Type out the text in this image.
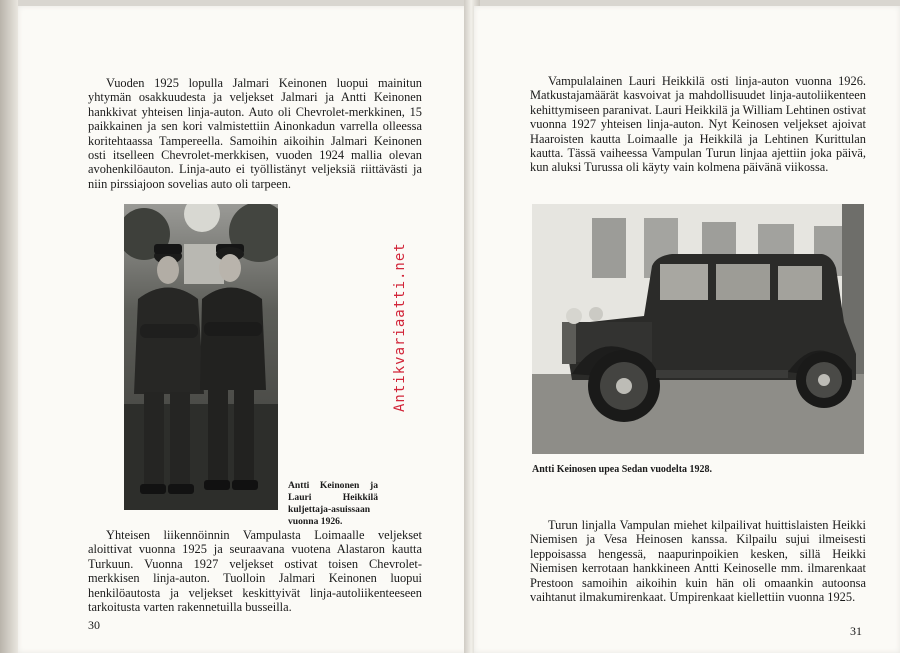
Vuoden 1925 lopulla Jalmari Keinonen luopui mainitun yhtymän osakkuudesta ja veljekset Jalmari ja Antti Keinonen hankkivat yhteisen linja-auton. Auto oli Chevrolet-merkkinen, 15 paikkainen ja sen kori valmistettiin Ainonkadun varrella olleessa koritehtaassa Tampereella. Samoihin aikoihin Jalmari Keinonen osti itselleen Chevrolet-merkkisen, vuoden 1924 mallia olevan avohenkilöauton. Linja-auto ei työllistänyt veljeksiä riittävästi ja niin pirssiajoon sovelias auto oli tarpeen.

Antti Keinonen ja Lauri Heikkilä kuljettaja-asuissaan vuonna 1926.

Yhteisen liikennöinnin Vampulasta Loimaalle veljekset aloittivat vuonna 1925 ja seuraavana vuotena Alastaron kautta Turkuun. Vuonna 1927 veljekset ostivat toisen Chevrolet-merkkisen linja-auton. Tuolloin Jalmari Keinonen luopui henkilöautosta ja veljekset keskittyivät linja-autoliikenteeseen tarkoitusta varten rakennetuilla busseilla.

30

Vampulalainen Lauri Heikkilä osti linja-auton vuonna 1926. Matkustajamäärät kasvoivat ja mahdollisuudet linja-autoliikenteen kehittymiseen paranivat. Lauri Heikkilä ja William Lehtinen ostivat vuonna 1927 yhteisen linja-auton. Nyt Keinosen veljekset ajoivat Haaroisten kautta Loimaalle ja Heikkilä ja Lehtinen Kurittulan kautta. Tässä vaiheessa Vampulan Turun linjaa ajettiin joka päivä, kun aluksi Turussa oli käyty vain kolmena päivänä viikossa.

Antti Keinosen upea Sedan vuodelta 1928.

Turun linjalla Vampulan miehet kilpailivat huittislaisten Heikki Niemisen ja Vesa Heinosen kanssa. Kilpailu sujui ilmeisesti leppoisassa hengessä, naapurinpoikien kesken, sillä Heikki Niemisen kerrotaan hankkineen Antti Keinoselle mm. ilmarenkaat Prestoon samoihin aikoihin kuin hän oli omaankin autoonsa vaihtanut ilmakumirenkaat. Umpirenkaat kiellettiin vuonna 1925.

31
Antikvariaatti.net
